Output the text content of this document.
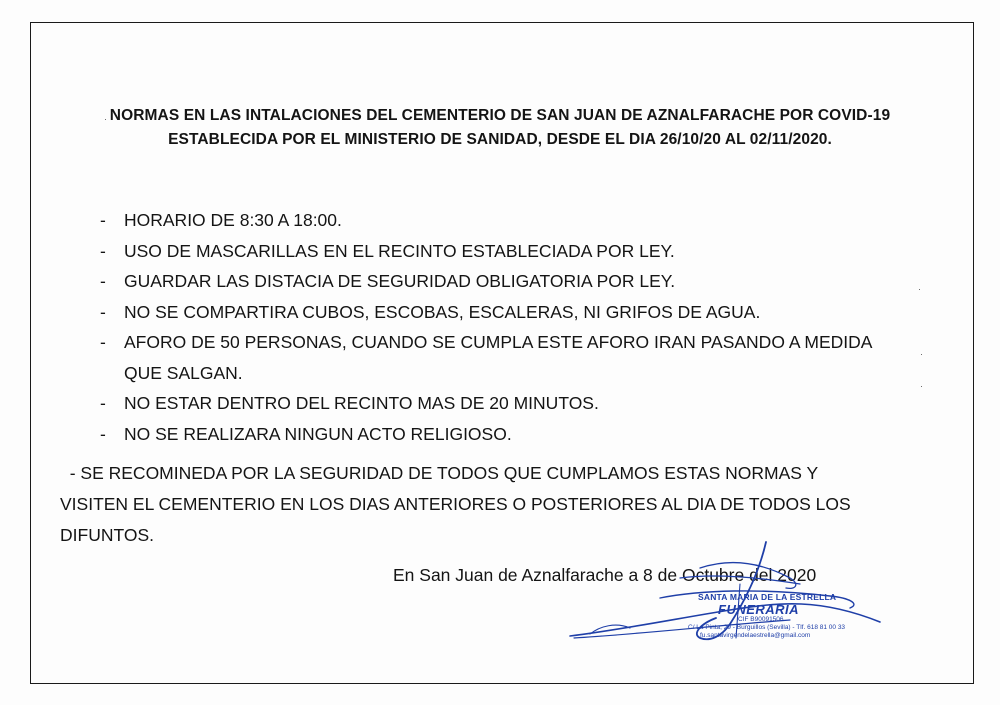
NORMAS EN LAS INTALACIONES DEL CEMENTERIO DE SAN JUAN DE AZNALFARACHE POR COVID-19
ESTABLECIDA POR EL MINISTERIO DE SANIDAD, DESDE EL DIA 26/10/20 AL 02/11/2020.
- HORARIO DE 8:30 A 18:00.
- USO DE MASCARILLAS EN EL RECINTO ESTABLECIADA POR LEY.
- GUARDAR LAS DISTACIA DE SEGURIDAD OBLIGATORIA POR LEY.
- NO SE COMPARTIRA CUBOS, ESCOBAS, ESCALERAS, NI GRIFOS DE AGUA.
- AFORO DE 50 PERSONAS, CUANDO SE CUMPLA ESTE AFORO IRAN PASANDO A MEDIDA
QUE SALGAN.
- NO ESTAR DENTRO DEL RECINTO MAS DE 20 MINUTOS.
- NO SE REALIZARA NINGUN ACTO RELIGIOSO.
- SE RECOMINEDA POR LA SEGURIDAD DE TODOS QUE CUMPLAMOS ESTAS NORMAS Y
VISITEN EL CEMENTERIO EN LOS DIAS ANTERIORES O POSTERIORES AL DIA DE TODOS LOS
DIFUNTOS.
En San Juan de Aznalfarache a 8 de Octubre del 2020
SANTA MARIA DE LA ESTRELLA
FUNERARIA
CIF B90091506
C/ La Pinta, 29 - Burguillos (Sevilla) - Tlf. 618 81 00 33
fu.santavirgendelaestrella@gmail.com
·
·
·
·
